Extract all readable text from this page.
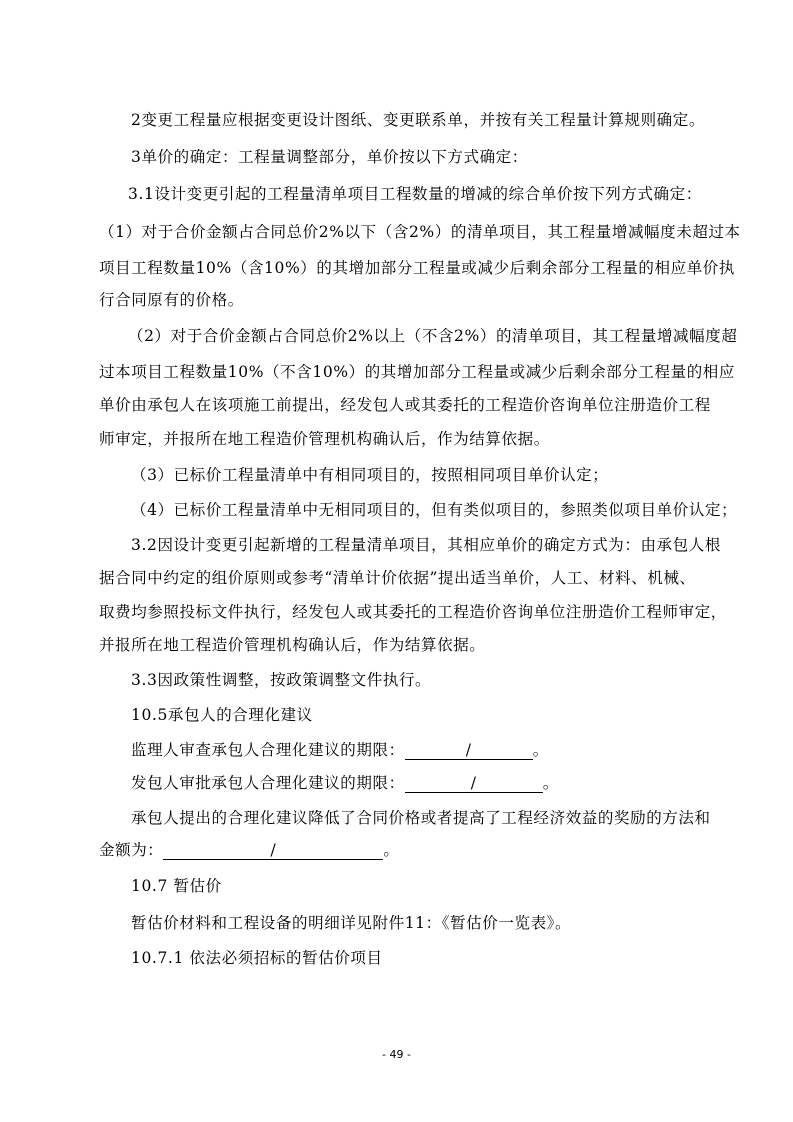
2变更工程量应根据变更设计图纸、变更联系单，并按有关工程量计算规则确定。
3单价的确定：工程量调整部分，单价按以下方式确定：
3.1设计变更引起的工程量清单项目工程数量的增减的综合单价按下列方式确定：
（1）对于合价金额占合同总价2%以下（含2%）的清单项目，其工程量增减幅度未超过本
项目工程数量10%（含10%）的其增加部分工程量或减少后剩余部分工程量的相应单价执
行合同原有的价格。
（2）对于合价金额占合同总价2%以上（不含2%）的清单项目，其工程量增减幅度超
过本项目工程数量10%（不含10%）的其增加部分工程量或减少后剩余部分工程量的相应
单价由承包人在该项施工前提出，经发包人或其委托的工程造价咨询单位注册造价工程
师审定，并报所在地工程造价管理机构确认后，作为结算依据。
（3）已标价工程量清单中有相同项目的，按照相同项目单价认定；
（4）已标价工程量清单中无相同项目的，但有类似项目的，参照类似项目单价认定；
3.2因设计变更引起新增的工程量清单项目，其相应单价的确定方式为：由承包人根
据合同中约定的组价原则或参考“清单计价依据”提出适当单价，人工、材料、机械、
取费均参照投标文件执行，经发包人或其委托的工程造价咨询单位注册造价工程师审定，
并报所在地工程造价管理机构确认后，作为结算依据。
3.3因政策性调整，按政策调整文件执行。
10.5承包人的合理化建议
监理人审查承包人合理化建议的期限：	/	。
发包人审批承包人合理化建议的期限：	/	。
承包人提出的合理化建议降低了合同价格或者提高了工程经济效益的奖励的方法和
金额为：	/	。
10.7 暂估价
暂估价材料和工程设备的明细详见附件11：《暂估价一览表》。
10.7.1 依法必须招标的暂估价项目
- 49 -
